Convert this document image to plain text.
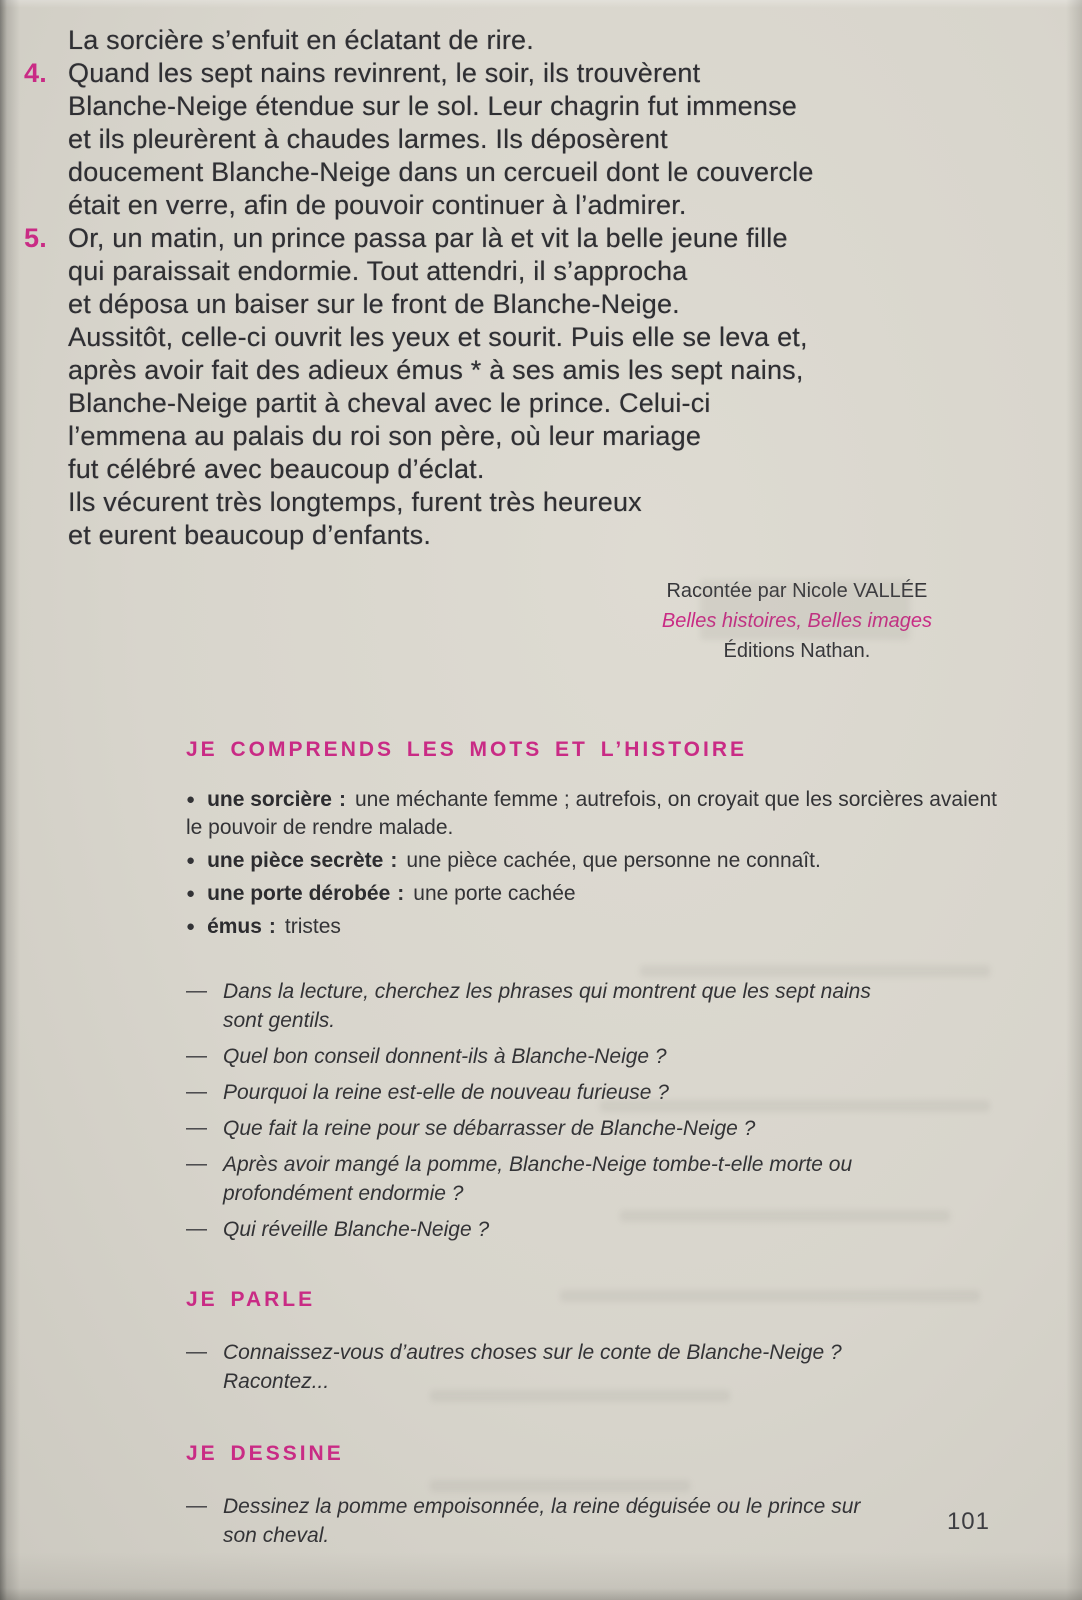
La sorcière s’enfuit en éclatant de rire.
4. Quand les sept nains revinrent, le soir, ils trouvèrent
Blanche-Neige étendue sur le sol. Leur chagrin fut immense
et ils pleurèrent à chaudes larmes. Ils déposèrent
doucement Blanche-Neige dans un cercueil dont le couvercle
était en verre, afin de pouvoir continuer à l’admirer.
5. Or, un matin, un prince passa par là et vit la belle jeune fille
qui paraissait endormie. Tout attendri, il s’approcha
et déposa un baiser sur le front de Blanche-Neige.
Aussitôt, celle-ci ouvrit les yeux et sourit. Puis elle se leva et,
après avoir fait des adieux émus * à ses amis les sept nains,
Blanche-Neige partit à cheval avec le prince. Celui-ci
l’emmena au palais du roi son père, où leur mariage
fut célébré avec beaucoup d’éclat.
Ils vécurent très longtemps, furent très heureux
et eurent beaucoup d’enfants.
Racontée par Nicole VALLÉE
Belles histoires, Belles images
Éditions Nathan.
JE COMPRENDS LES MOTS ET L’HISTOIRE
● une sorcière : une méchante femme ; autrefois, on croyait que les sorcières avaient le pouvoir de rendre malade.
● une pièce secrète : une pièce cachée, que personne ne connaît.
● une porte dérobée : une porte cachée
● émus : tristes
— Dans la lecture, cherchez les phrases qui montrent que les sept nains
sont gentils.
— Quel bon conseil donnent-ils à Blanche-Neige ?
— Pourquoi la reine est-elle de nouveau furieuse ?
— Que fait la reine pour se débarrasser de Blanche-Neige ?
— Après avoir mangé la pomme, Blanche-Neige tombe-t-elle morte ou
profondément endormie ?
— Qui réveille Blanche-Neige ?
JE PARLE
— Connaissez-vous d’autres choses sur le conte de Blanche-Neige ?
Racontez...
JE DESSINE
— Dessinez la pomme empoisonnée, la reine déguisée ou le prince sur
son cheval.
101
